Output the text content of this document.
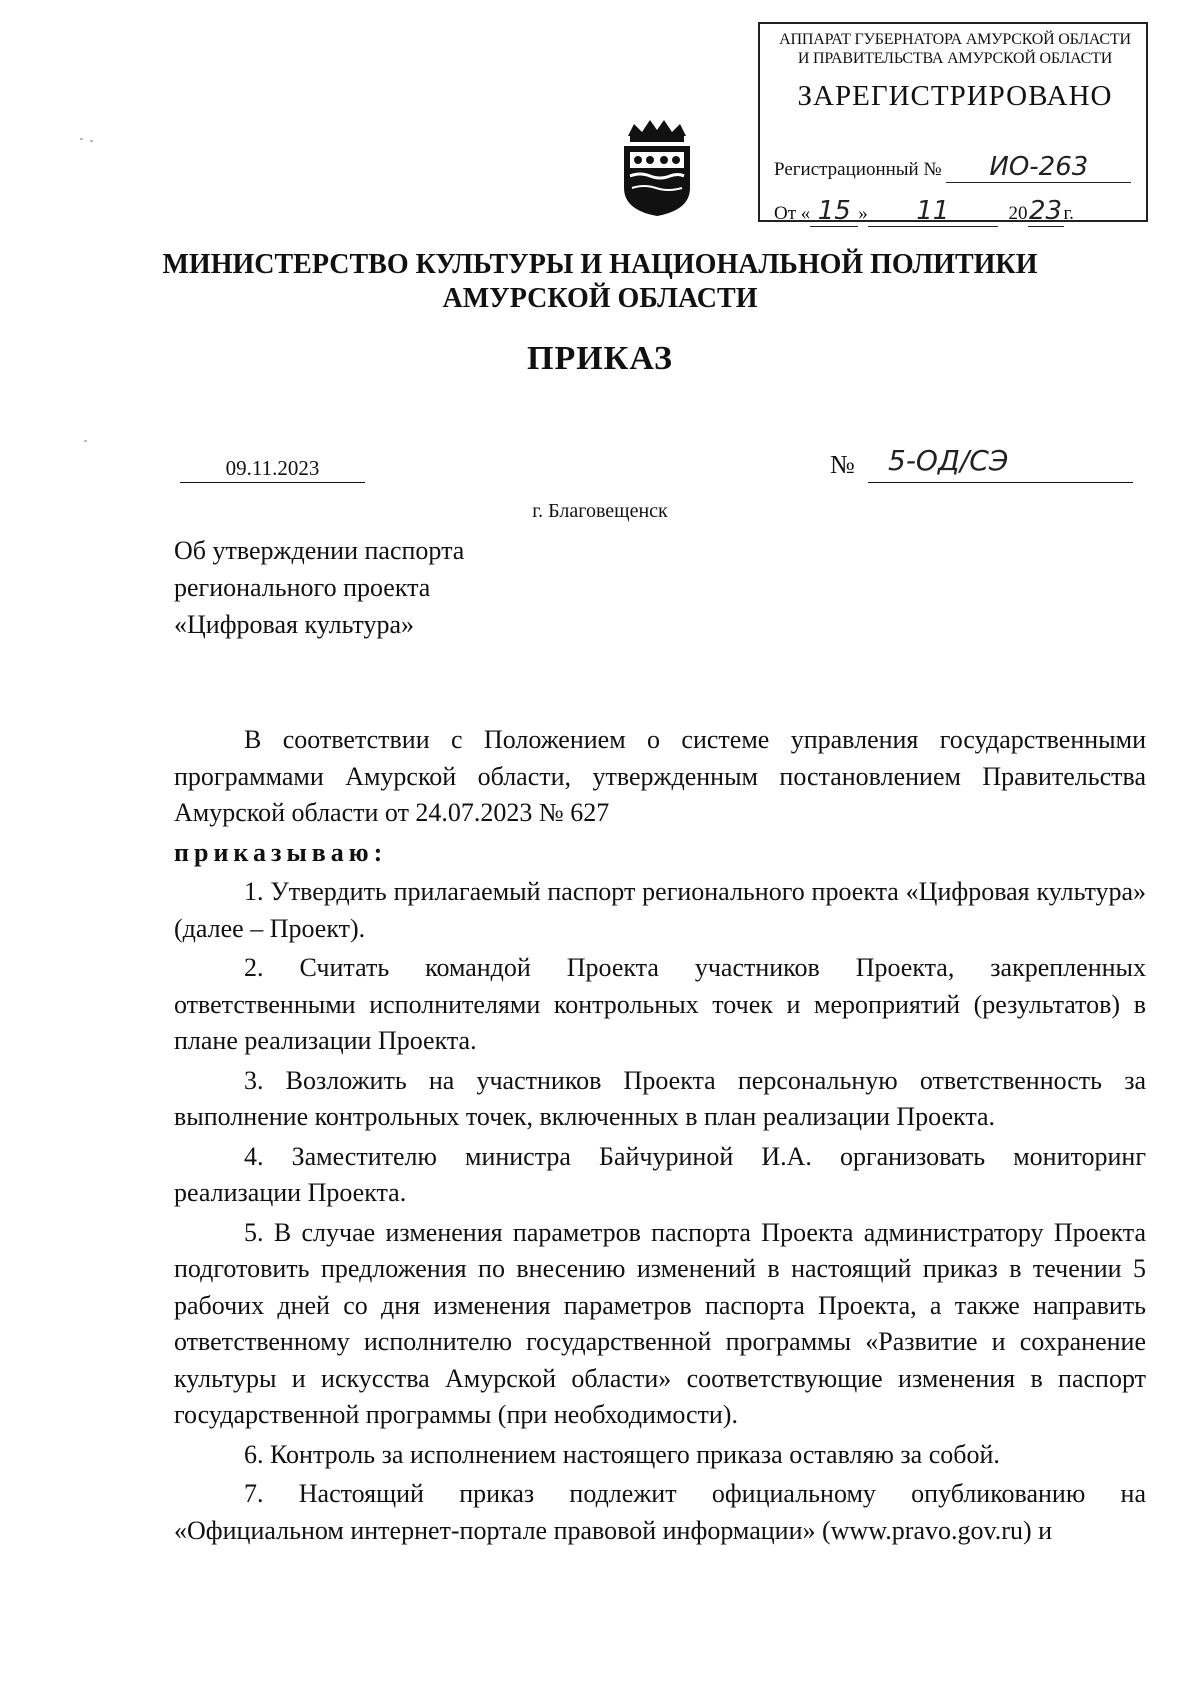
АППАРАТ ГУБЕРНАТОРА АМУРСКОЙ ОБЛАСТИ
И ПРАВИТЕЛЬСТВА АМУРСКОЙ ОБЛАСТИ
ЗАРЕГИСТРИРОВАНО
Регистрационный № ИО-263
От « 15 » 11	2023г.
МИНИСТЕРСТВО КУЛЬТУРЫ И НАЦИОНАЛЬНОЙ ПОЛИТИКИ
АМУРСКОЙ ОБЛАСТИ
ПРИКАЗ
09.11.2023	№ 5-ОД/СЭ
г. Благовещенск
Об утверждении паспорта
регионального проекта
«Цифровая культура»

В соответствии с Положением о системе управления государственными программами Амурской области, утвержденным постановлением Правительства Амурской области от 24.07.2023 № 627

приказываю:

1. Утвердить прилагаемый паспорт регионального проекта «Цифровая культура» (далее – Проект).

2. Считать командой Проекта участников Проекта, закрепленных ответственными исполнителями контрольных точек и мероприятий (результатов) в плане реализации Проекта.

3. Возложить на участников Проекта персональную ответственность за выполнение контрольных точек, включенных в план реализации Проекта.

4. Заместителю министра Байчуриной И.А. организовать мониторинг реализации Проекта.

5. В случае изменения параметров паспорта Проекта администратору Проекта подготовить предложения по внесению изменений в настоящий приказ в течении 5 рабочих дней со дня изменения параметров паспорта Проекта, а также направить ответственному исполнителю государственной программы «Развитие и сохранение культуры и искусства Амурской области» соответствующие изменения в паспорт государственной программы (при необходимости).

6. Контроль за исполнением настоящего приказа оставляю за собой.

7. Настоящий приказ подлежит официальному опубликованию на «Официальном интернет-портале правовой информации» (www.pravo.gov.ru) и
